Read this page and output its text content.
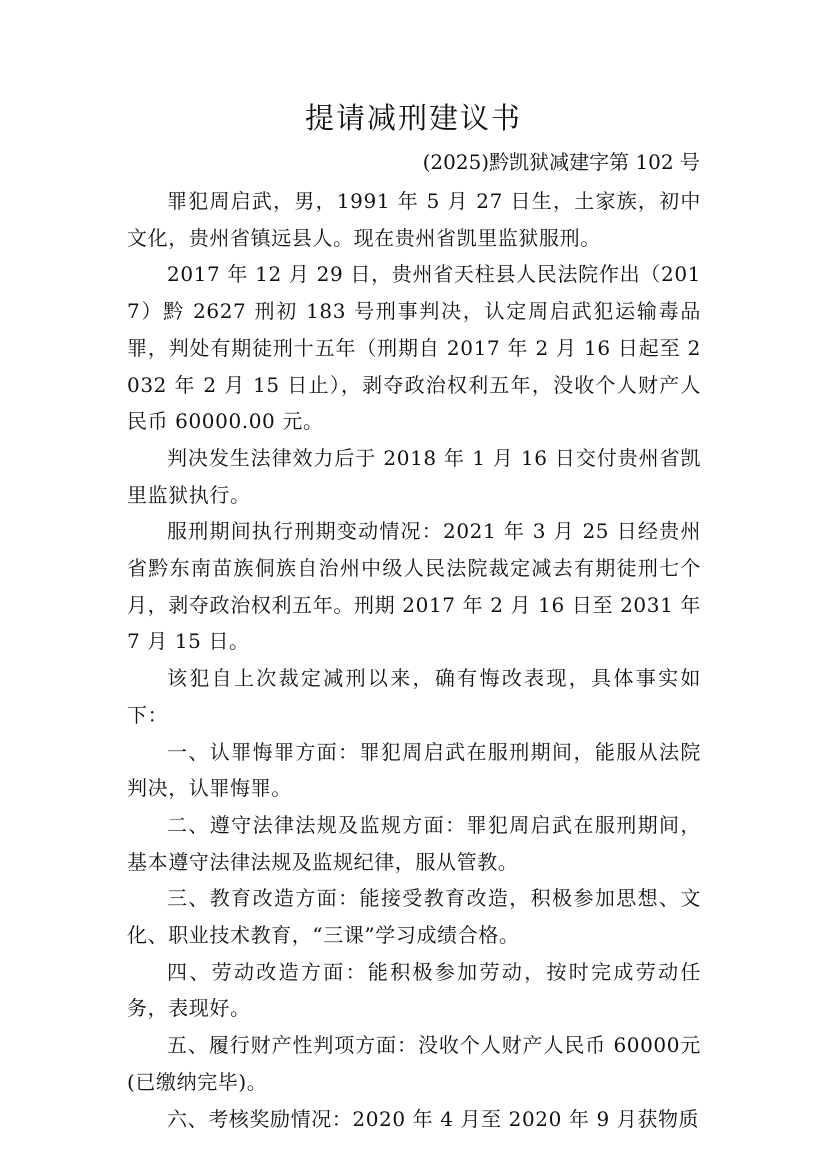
提请减刑建议书
(2025)黔凯狱减建字第 102 号

罪犯周启武，男，1991 年 5 月 27 日生，土家族，初中文化，贵州省镇远县人。现在贵州省凯里监狱服刑。

2017 年 12 月 29 日，贵州省天柱县人民法院作出（2017）黔 2627 刑初 183 号刑事判决，认定周启武犯运输毒品罪，判处有期徒刑十五年（刑期自 2017 年 2 月 16 日起至 2032 年 2 月 15 日止），剥夺政治权利五年，没收个人财产人民币 60000.00 元。

判决发生法律效力后于 2018 年 1 月 16 日交付贵州省凯里监狱执行。

服刑期间执行刑期变动情况：2021 年 3 月 25 日经贵州省黔东南苗族侗族自治州中级人民法院裁定减去有期徒刑七个月，剥夺政治权利五年。刑期 2017 年 2 月 16 日至 2031 年 7 月 15 日。

该犯自上次裁定减刑以来，确有悔改表现，具体事实如下：

一、认罪悔罪方面：罪犯周启武在服刑期间，能服从法院判决，认罪悔罪。

二、遵守法律法规及监规方面：罪犯周启武在服刑期间，基本遵守法律法规及监规纪律，服从管教。

三、教育改造方面：能接受教育改造，积极参加思想、文化、职业技术教育，“三课”学习成绩合格。

四、劳动改造方面：能积极参加劳动，按时完成劳动任务，表现好。

五、履行财产性判项方面：没收个人财产人民币 60000元(已缴纳完毕)。

六、考核奖励情况：2020 年 4 月至 2020 年 9 月获物质
